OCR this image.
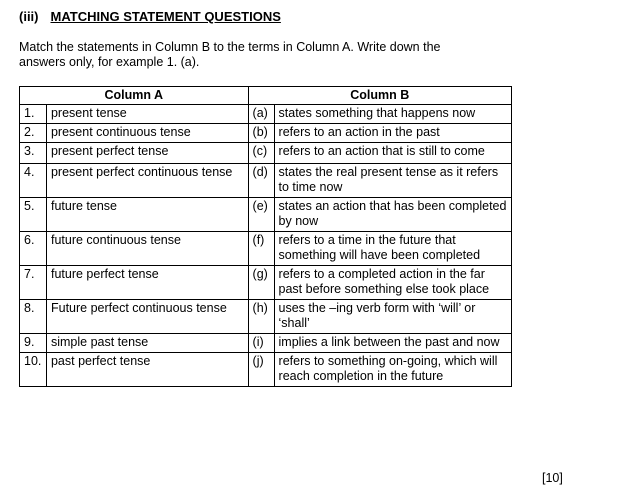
(iii) MATCHING STATEMENT QUESTIONS
Match the statements in Column B to the terms in Column A. Write down the answers only, for example 1. (a).
Column A		Column B	
1.	present tense	(a)	states something that happens now
2.	present continuous tense	(b)	refers to an action in the past
3.	present perfect tense	(c)	refers to an action that is still to come
4.	present perfect continuous tense	(d)	states the real present tense as it refers to time now
5.	future tense	(e)	states an action that has been completed by now
6.	future continuous tense	(f)	refers to a time in the future that something will have been completed
7.	future perfect tense	(g)	refers to a completed action in the far past before something else took place
8.	Future perfect continuous tense	(h)	uses the –ing verb form with ‘will’ or ‘shall’
9.	simple past tense	(i)	implies a link between the past and now
10.	past perfect tense	(j)	refers to something on-going, which will reach completion in the future
[10]
